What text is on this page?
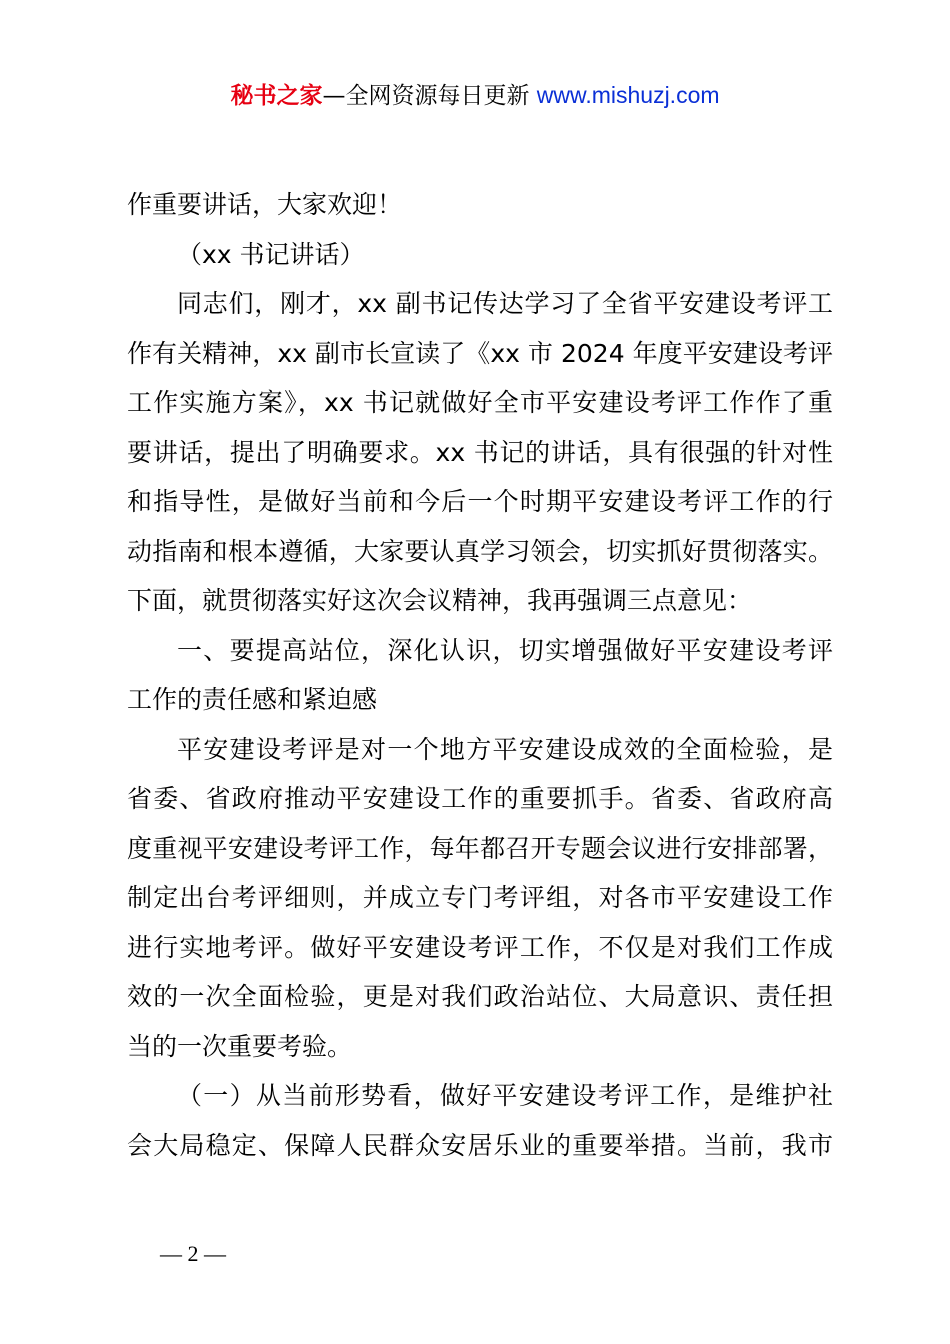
秘书之家—全网资源每日更新 www.mishuzj.com
作重要讲话，大家欢迎！
（xx 书记讲话）
同志们，刚才，xx 副书记传达学习了全省平安建设考评工
作有关精神，xx 副市长宣读了《xx 市 2024 年度平安建设考评
工作实施方案》，xx 书记就做好全市平安建设考评工作作了重
要讲话，提出了明确要求。xx 书记的讲话，具有很强的针对性
和指导性，是做好当前和今后一个时期平安建设考评工作的行
动指南和根本遵循，大家要认真学习领会，切实抓好贯彻落实。
下面，就贯彻落实好这次会议精神，我再强调三点意见：
一、要提高站位，深化认识，切实增强做好平安建设考评
工作的责任感和紧迫感
平安建设考评是对一个地方平安建设成效的全面检验，是
省委、省政府推动平安建设工作的重要抓手。省委、省政府高
度重视平安建设考评工作，每年都召开专题会议进行安排部署，
制定出台考评细则，并成立专门考评组，对各市平安建设工作
进行实地考评。做好平安建设考评工作，不仅是对我们工作成
效的一次全面检验，更是对我们政治站位、大局意识、责任担
当的一次重要考验。
（一）从当前形势看，做好平安建设考评工作，是维护社
会大局稳定、保障人民群众安居乐业的重要举措。当前，我市
— 2 —
